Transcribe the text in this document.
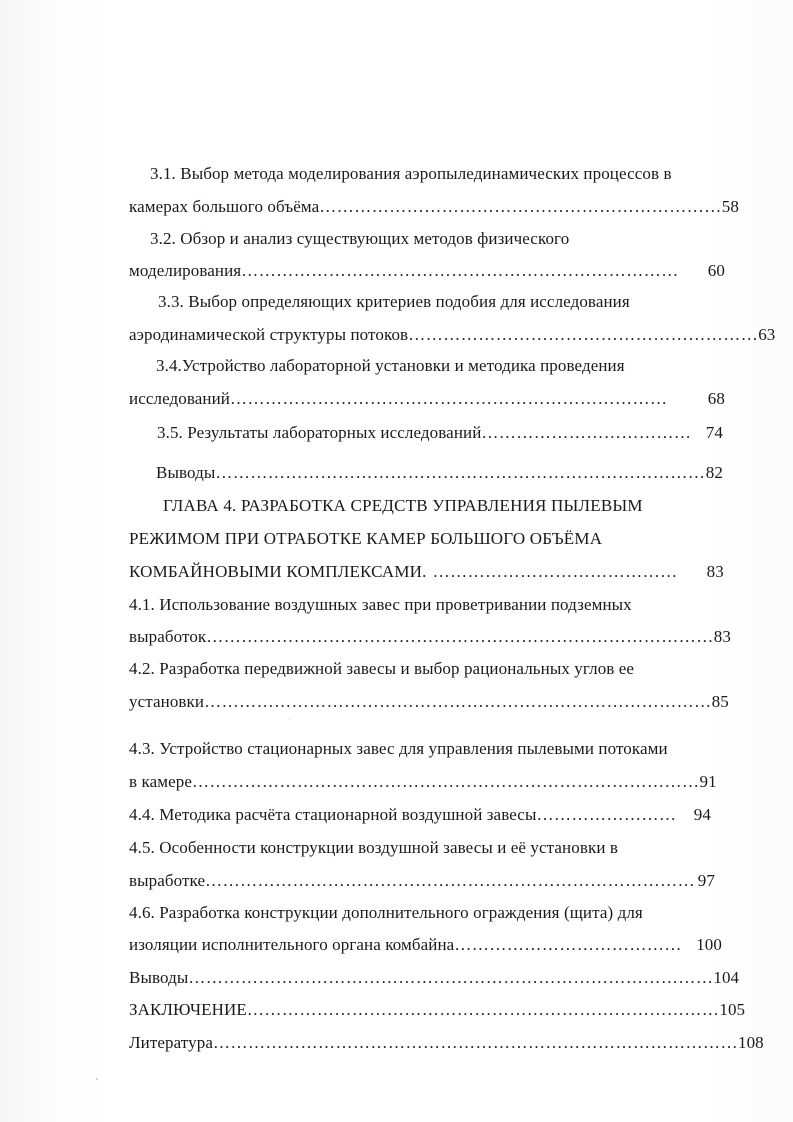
3.1. Выбор метода моделирования аэропылединамических процессов в
камерах большого объёма …………………………………………………………… 58
3.2. Обзор и анализ существующих методов физического
моделирования …………………………………………………………………	60
3.3. Выбор определяющих критериев подобия для исследования
аэродинамической структуры потоков …………………………………………………… 63
3.4.Устройство лабораторной установки и методика проведения
исследований …………………………………………………………………	68
3.5. Результаты лабораторных исследований ……………………………… 74
Выводы ………………………………………………………………………… 82
ГЛАВА 4. РАЗРАБОТКА СРЕДСТВ УПРАВЛЕНИЯ ПЫЛЕВЫМ
РЕЖИМОМ ПРИ ОТРАБОТКЕ КАМЕР БОЛЬШОГО ОБЪЁМА
КОМБАЙНОВЫМИ КОМПЛЕКСАМИ. ……………………………………	83
4.1. Использование воздушных завес при проветривании подземных
выработок …………………………………………………………………………… 83
4.2. Разработка передвижной завесы и выбор рациональных углов ее
установки …………………………………………………………………………… 85
4.3. Устройство стационарных завес для управления пылевыми потоками
в камере …………………………………………………………………………… 91
4.4. Методика расчёта стационарной воздушной завесы ……………………	94
4.5. Особенности конструкции воздушной завесы и её установки в
выработке ………………………………………………………………………… 97
4.6. Разработка конструкции дополнительного ограждения (щита) для
изоляции исполнительного органа комбайна ………………………………… 100
Выводы ……………………………………………………………………………… 104
ЗАКЛЮЧЕНИЕ ……………………………………………………………………… 105
Литература ……………………………………………………………………………… 108
